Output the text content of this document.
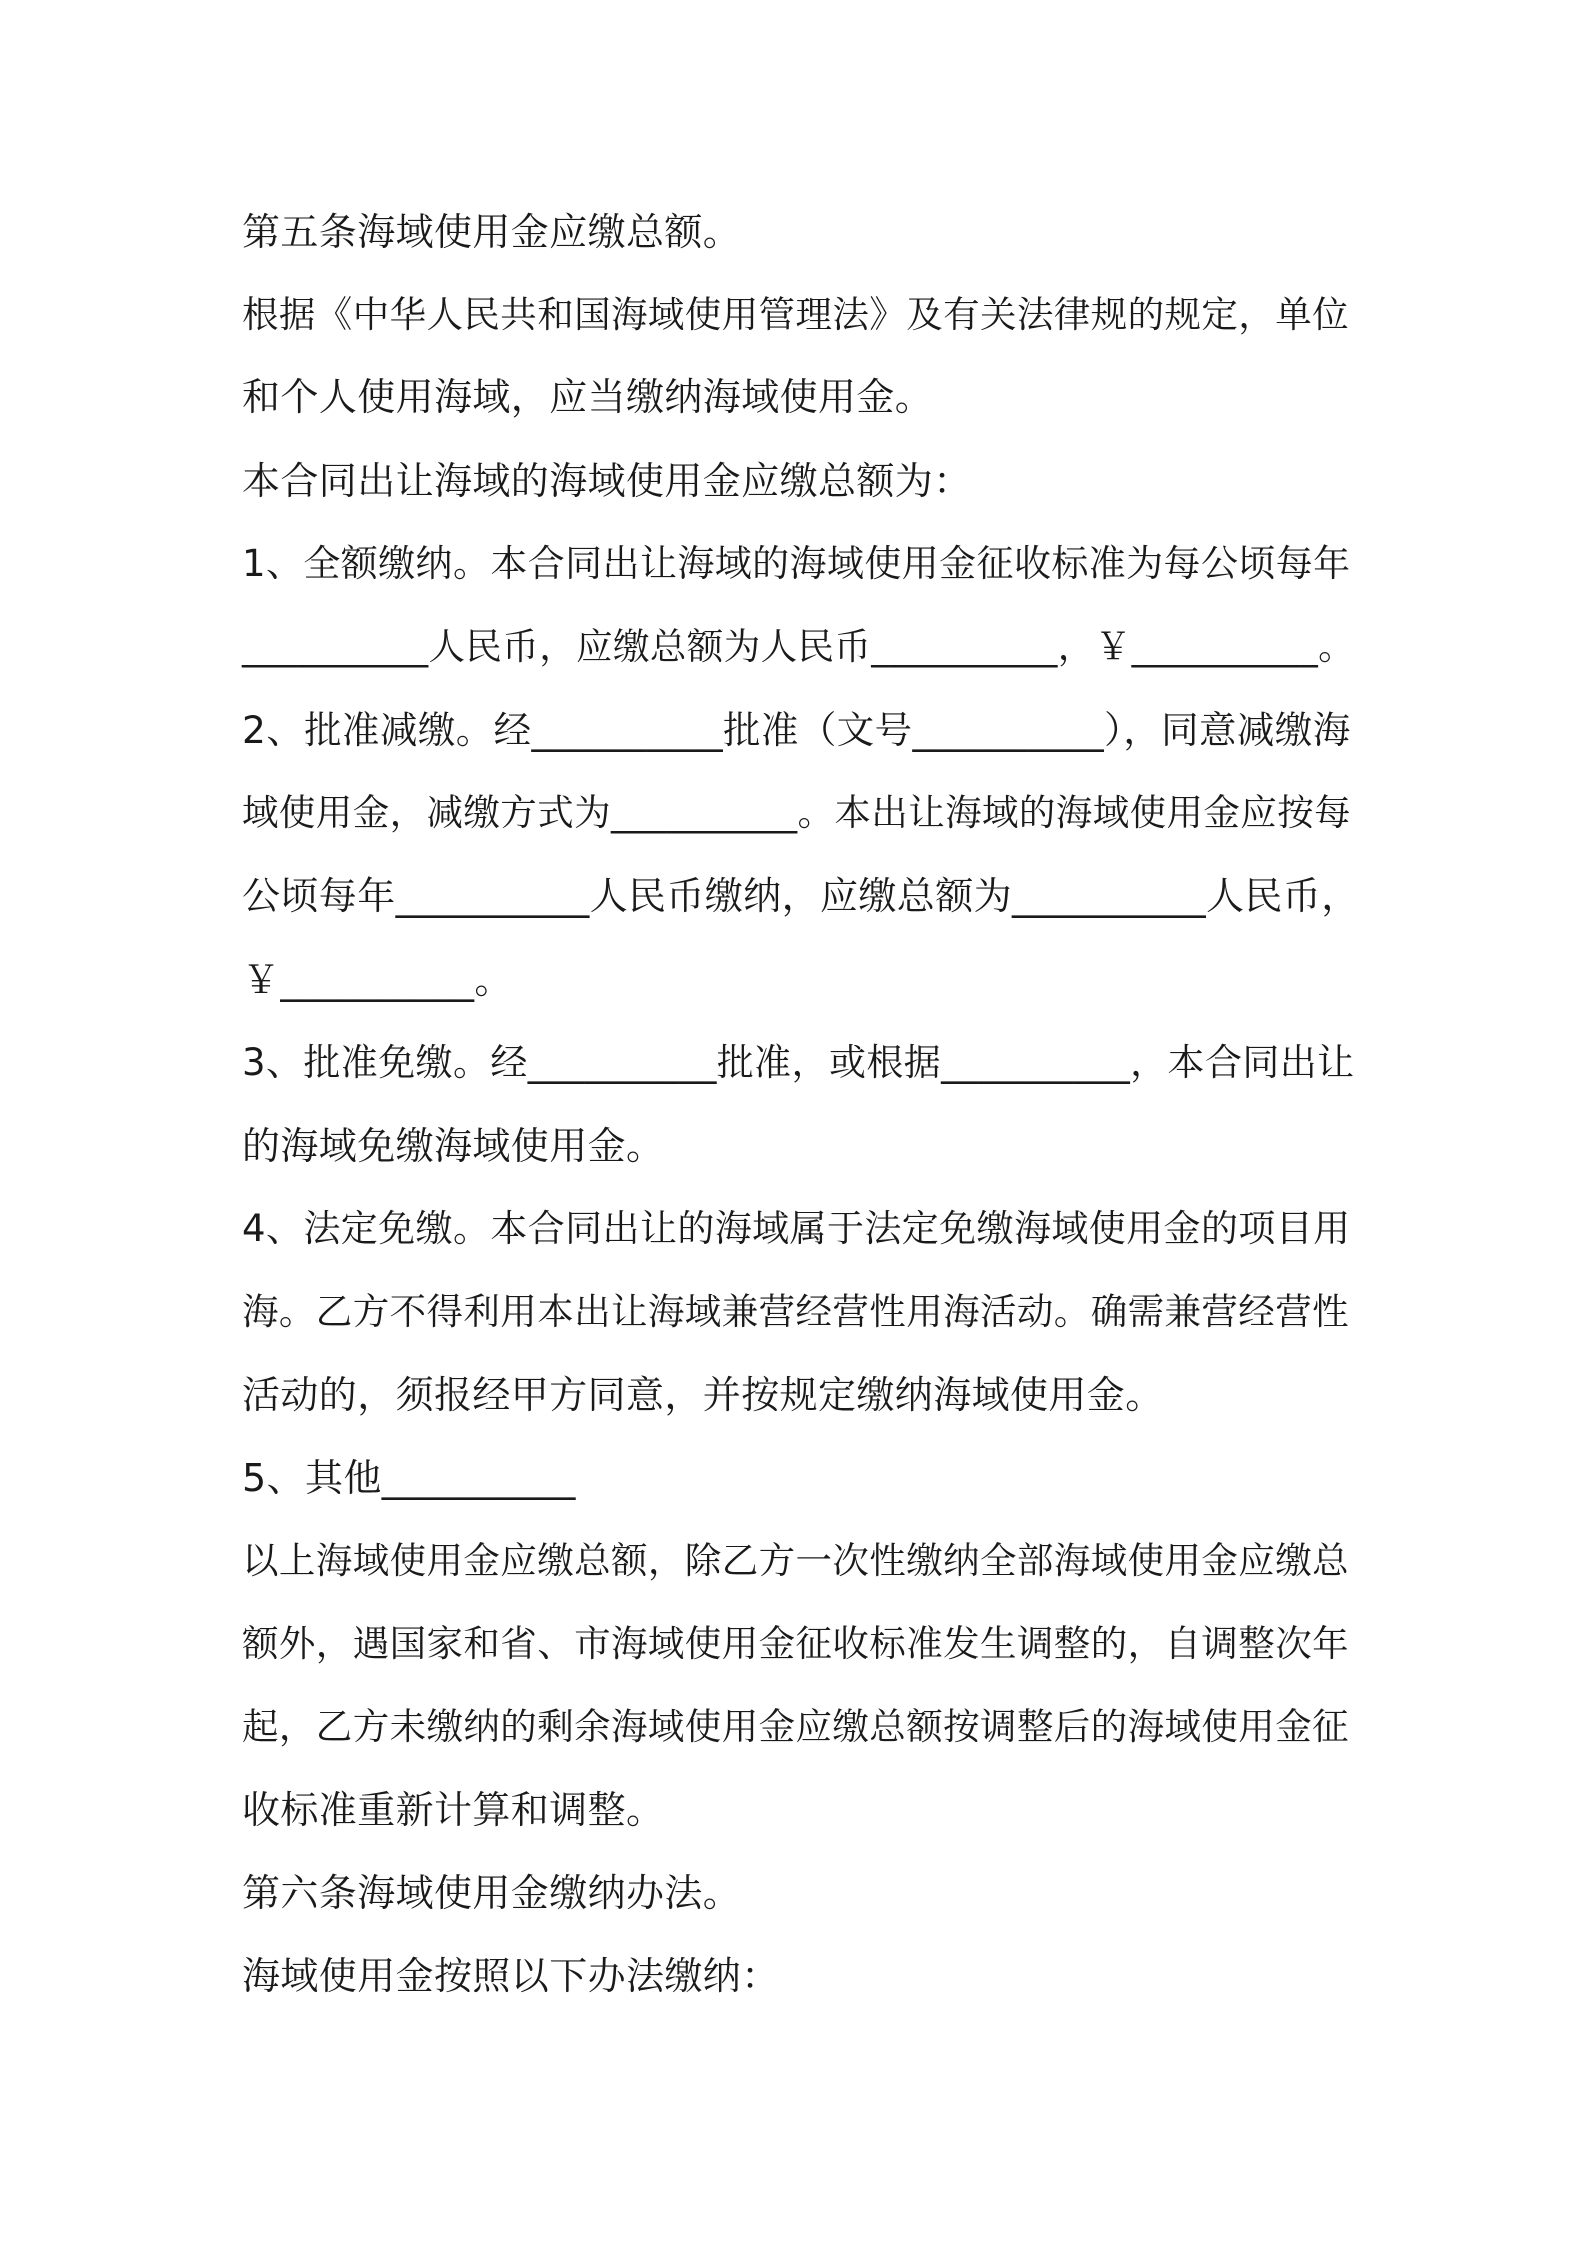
第五条海域使用金应缴总额。

根据《中华人民共和国海域使用管理法》及有关法律规的规定，单位

和个人使用海域，应当缴纳海域使用金。

本合同出让海域的海域使用金应缴总额为：

1、全额缴纳。本合同出让海域的海域使用金征收标准为每公顷每年

__________人民币，应缴总额为人民币__________，￥__________。

2、批准减缴。经__________批准（文号__________），同意减缴海

域使用金，减缴方式为__________。本出让海域的海域使用金应按每

公顷每年__________人民币缴纳，应缴总额为__________人民币，

￥__________。

3、批准免缴。经__________批准，或根据__________，本合同出让

的海域免缴海域使用金。

4、法定免缴。本合同出让的海域属于法定免缴海域使用金的项目用

海。乙方不得利用本出让海域兼营经营性用海活动。确需兼营经营性

活动的，须报经甲方同意，并按规定缴纳海域使用金。

5、其他__________

以上海域使用金应缴总额，除乙方一次性缴纳全部海域使用金应缴总

额外，遇国家和省、市海域使用金征收标准发生调整的，自调整次年

起，乙方未缴纳的剩余海域使用金应缴总额按调整后的海域使用金征

收标准重新计算和调整。

第六条海域使用金缴纳办法。

海域使用金按照以下办法缴纳：
